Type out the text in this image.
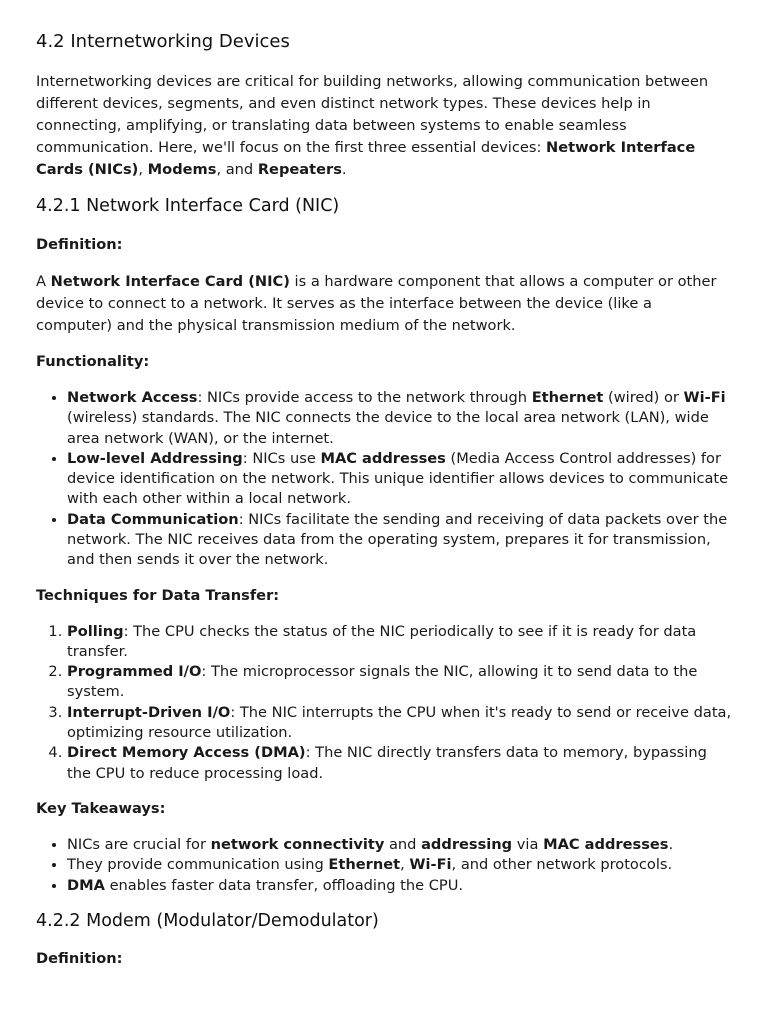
4.2 Internetworking Devices

Internetworking devices are critical for building networks, allowing communication between different devices, segments, and even distinct network types. These devices help in connecting, amplifying, or translating data between systems to enable seamless communication. Here, we'll focus on the first three essential devices: Network Interface Cards (NICs), Modems, and Repeaters.

4.2.1 Network Interface Card (NIC)

Definition:

A Network Interface Card (NIC) is a hardware component that allows a computer or other device to connect to a network. It serves as the interface between the device (like a computer) and the physical transmission medium of the network.

Functionality:

• Network Access: NICs provide access to the network through Ethernet (wired) or Wi-Fi (wireless) standards. The NIC connects the device to the local area network (LAN), wide area network (WAN), or the internet.
• Low-level Addressing: NICs use MAC addresses (Media Access Control addresses) for device identification on the network. This unique identifier allows devices to communicate with each other within a local network.
• Data Communication: NICs facilitate the sending and receiving of data packets over the network. The NIC receives data from the operating system, prepares it for transmission, and then sends it over the network.

Techniques for Data Transfer:

1. Polling: The CPU checks the status of the NIC periodically to see if it is ready for data transfer.
2. Programmed I/O: The microprocessor signals the NIC, allowing it to send data to the system.
3. Interrupt-Driven I/O: The NIC interrupts the CPU when it's ready to send or receive data, optimizing resource utilization.
4. Direct Memory Access (DMA): The NIC directly transfers data to memory, bypassing the CPU to reduce processing load.

Key Takeaways:

• NICs are crucial for network connectivity and addressing via MAC addresses.
• They provide communication using Ethernet, Wi-Fi, and other network protocols.
• DMA enables faster data transfer, offloading the CPU.
4.2.2 Modem (Modulator/Demodulator)

Definition:
